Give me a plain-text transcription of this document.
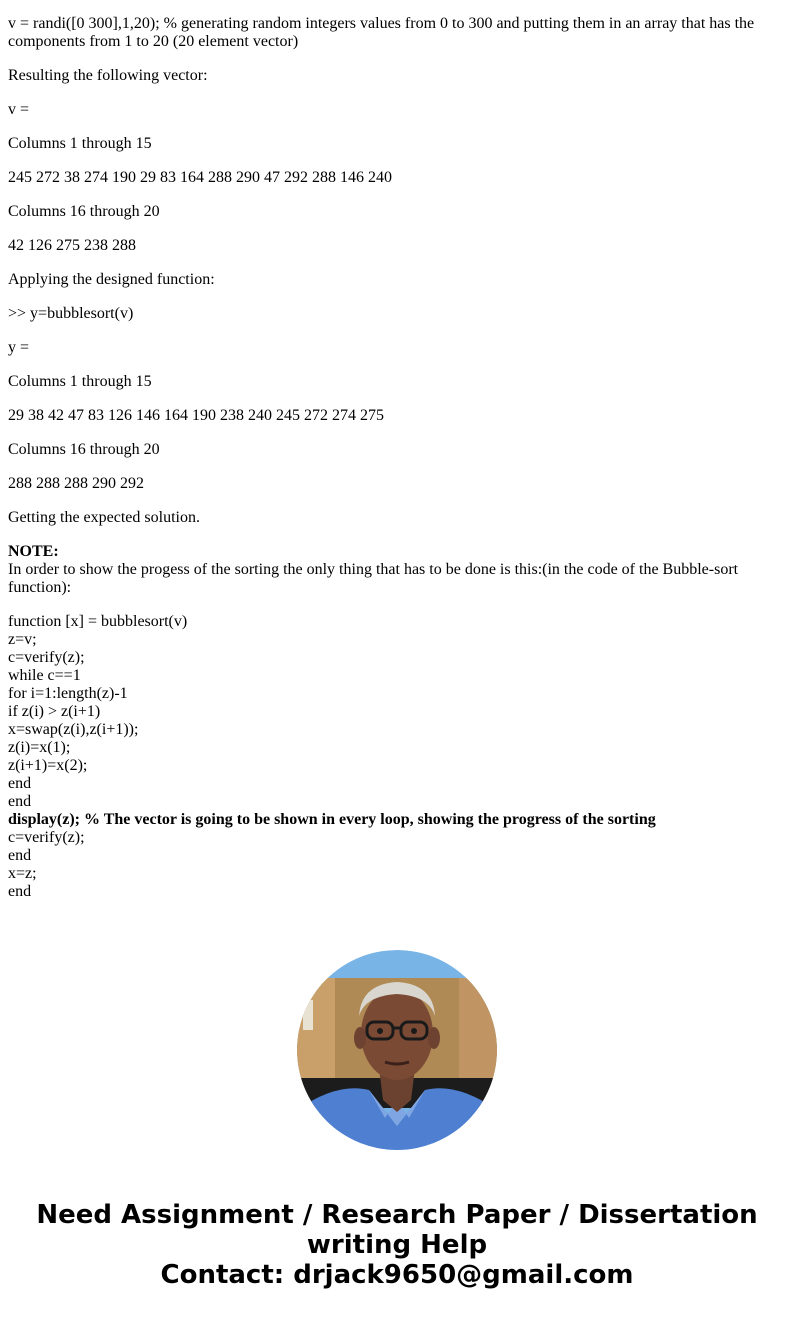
v = randi([0 300],1,20); % generating random integers values from 0 to 300 and putting them in an array that has the components from 1 to 20 (20 element vector)

Resulting the following vector:

v =

Columns 1 through 15

245 272 38 274 190 29 83 164 288 290 47 292 288 146 240

Columns 16 through 20

42 126 275 238 288

Applying the designed function:

>> y=bubblesort(v)

y =

Columns 1 through 15

29 38 42 47 83 126 146 164 190 238 240 245 272 274 275

Columns 16 through 20

288 288 288 290 292

Getting the expected solution.

NOTE:
In order to show the progess of the sorting the only thing that has to be done is this:(in the code of the Bubble-sort function):
function [x] = bubblesort(v)
z=v;
c=verify(z);
while c==1
for i=1:length(z)-1
if z(i) > z(i+1)
x=swap(z(i),z(i+1));
z(i)=x(1);
z(i+1)=x(2);
end
end
display(z); % The vector is going to be shown in every loop, showing the progress of the sorting
c=verify(z);
end
x=z;
end
Need Assignment / Research Paper / Dissertation
writing Help
Contact: drjack9650@gmail.com
